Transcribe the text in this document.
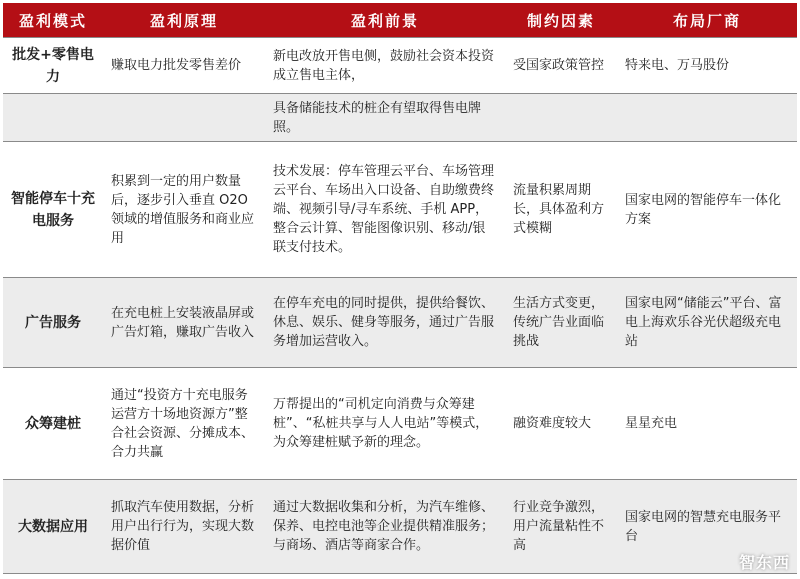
盈利模式	盈利原理	盈利前景	制约因素	布局厂商
批发+零售电力	赚取电力批发零售差价	新电改放开售电侧，鼓励社会资本投资成立售电主体，	受国家政策管控	特来电、万马股份
		具备储能技术的桩企有望取得售电牌照。		
智能停车十充电服务	积累到一定的用户数量后，逐步引入垂直 O2O 领域的增值服务和商业应用	技术发展：停车管理云平台、车场管理云平台、车场出入口设备、自助缴费终端、视频引导/寻车系统、手机 APP，整合云计算、智能图像识别、移动/银联支付技术。	流量积累周期长，具体盈利方式模糊	国家电网的智能停车一体化方案
广告服务	在充电桩上安装液晶屏或广告灯箱，赚取广告收入	在停车充电的同时提供，提供给餐饮、休息、娱乐、健身等服务，通过广告服务增加运营收入。	生活方式变更，传统广告业面临挑战	国家电网“储能云”平台、富电上海欢乐谷光伏超级充电站
众筹建桩	通过“投资方十充电服务运营方十场地资源方”整合社会资源、分摊成本、合力共赢	万帮提出的“司机定向消费与众筹建桩”、“私桩共享与人人电站”等模式，为众筹建桩赋予新的理念。	融资难度较大	星星充电
大数据应用	抓取汽车使用数据，分析用户出行行为，实现大数据价值	通过大数据收集和分析，为汽车维修、保养、电控电池等企业提供精准服务；与商场、酒店等商家合作。	行业竞争激烈，用户流量粘性不高	国家电网的智慧充电服务平台
智东西
